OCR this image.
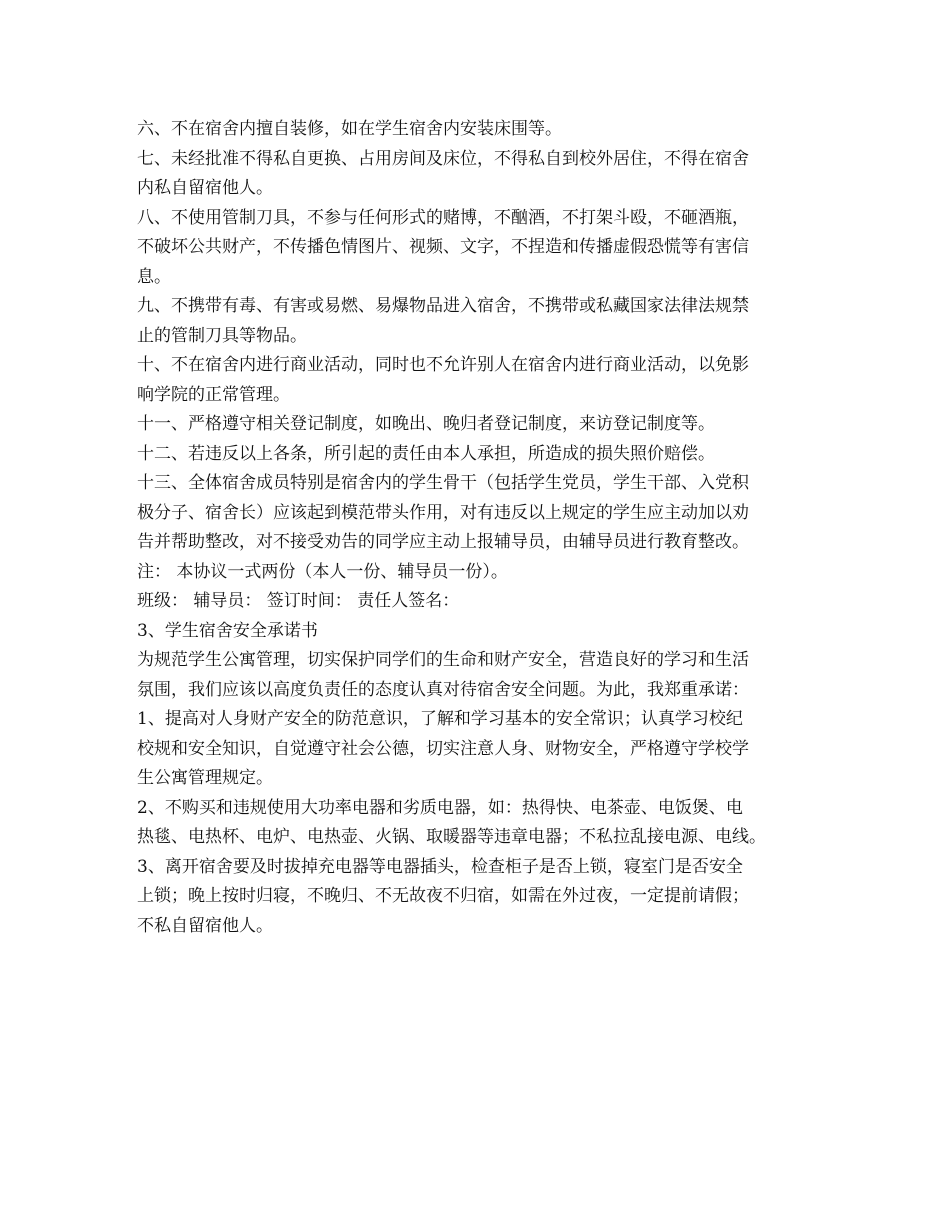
六、不在宿舍内擅自装修，如在学生宿舍内安装床围等。
七、未经批准不得私自更换、占用房间及床位，不得私自到校外居住，不得在宿舍
内私自留宿他人。
八、不使用管制刀具，不参与任何形式的赌博，不酗酒，不打架斗殴，不砸酒瓶，
不破坏公共财产，不传播色情图片、视频、文字，不捏造和传播虚假恐慌等有害信
息。
九、不携带有毒、有害或易燃、易爆物品进入宿舍，不携带或私藏国家法律法规禁
止的管制刀具等物品。
十、不在宿舍内进行商业活动，同时也不允许别人在宿舍内进行商业活动，以免影
响学院的正常管理。
十一、严格遵守相关登记制度，如晚出、晚归者登记制度，来访登记制度等。
十二、若违反以上各条，所引起的责任由本人承担，所造成的损失照价赔偿。
十三、全体宿舍成员特别是宿舍内的学生骨干（包括学生党员，学生干部、入党积
极分子、宿舍长）应该起到模范带头作用，对有违反以上规定的学生应主动加以劝
告并帮助整改，对不接受劝告的同学应主动上报辅导员，由辅导员进行教育整改。
注： 本协议一式两份（本人一份、辅导员一份）。
班级： 辅导员： 签订时间： 责任人签名：
3、学生宿舍安全承诺书
为规范学生公寓管理，切实保护同学们的生命和财产安全，营造良好的学习和生活
氛围，我们应该以高度负责任的态度认真对待宿舍安全问题。为此，我郑重承诺：
1、提高对人身财产安全的防范意识，了解和学习基本的安全常识；认真学习校纪
校规和安全知识，自觉遵守社会公德，切实注意人身、财物安全，严格遵守学校学
生公寓管理规定。
2、不购买和违规使用大功率电器和劣质电器，如：热得快、电茶壶、电饭煲、电
热毯、电热杯、电炉、电热壶、火锅、取暖器等违章电器；不私拉乱接电源、电线。
3、离开宿舍要及时拔掉充电器等电器插头，检查柜子是否上锁，寝室门是否安全
上锁；晚上按时归寝，不晚归、不无故夜不归宿，如需在外过夜，一定提前请假；
不私自留宿他人。
